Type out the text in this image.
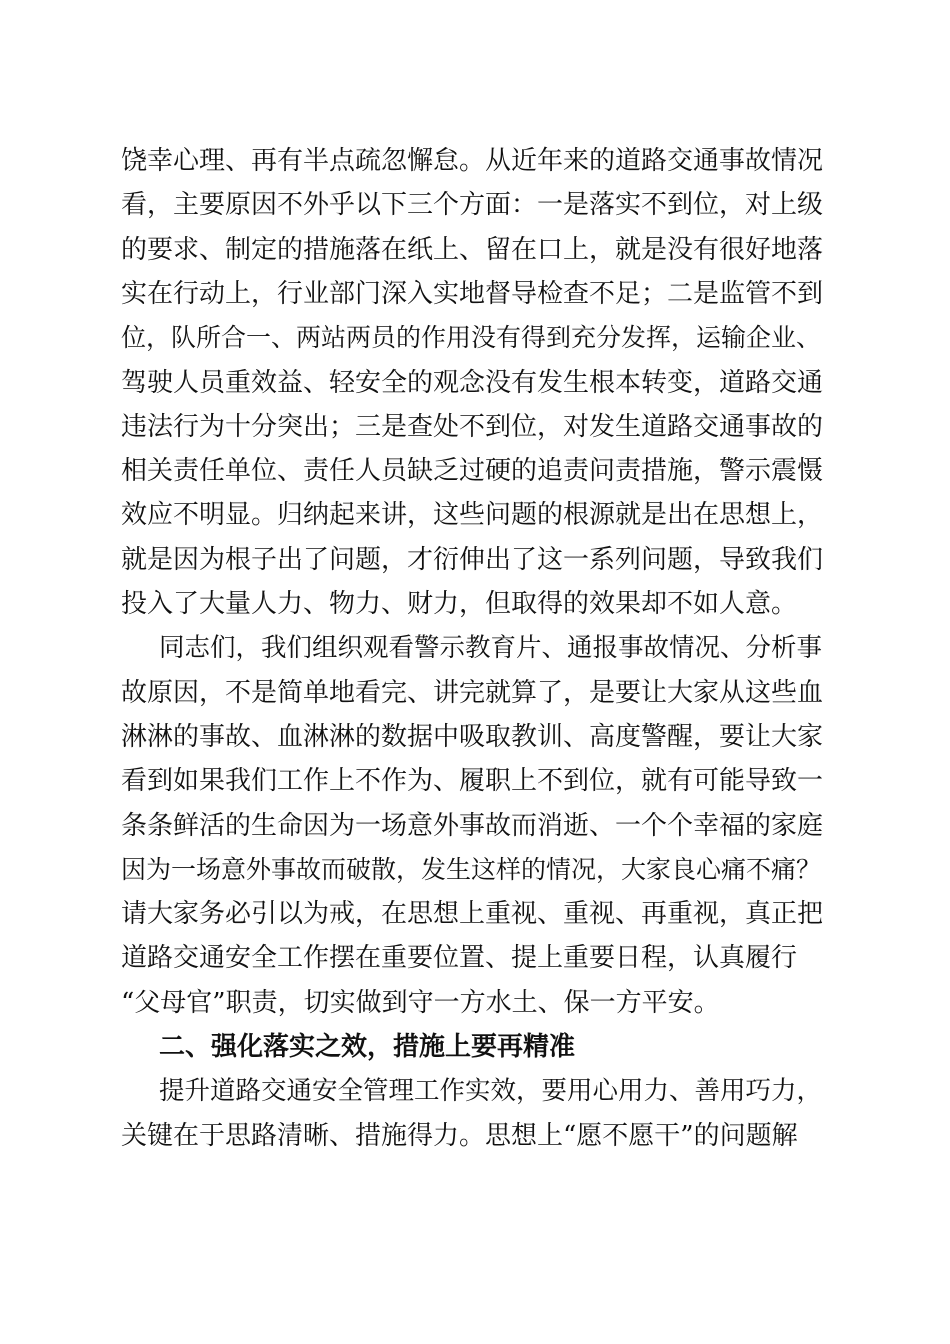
饶幸心理、再有半点疏忽懈怠。从近年来的道路交通事故情况
看，主要原因不外乎以下三个方面：一是落实不到位，对上级
的要求、制定的措施落在纸上、留在口上，就是没有很好地落
实在行动上，行业部门深入实地督导检查不足；二是监管不到
位，队所合一、两站两员的作用没有得到充分发挥，运输企业、
驾驶人员重效益、轻安全的观念没有发生根本转变，道路交通
违法行为十分突出；三是查处不到位，对发生道路交通事故的
相关责任单位、责任人员缺乏过硬的追责问责措施，警示震慑
效应不明显。归纳起来讲，这些问题的根源就是出在思想上，
就是因为根子出了问题，才衍伸出了这一系列问题，导致我们
投入了大量人力、物力、财力，但取得的效果却不如人意。
同志们，我们组织观看警示教育片、通报事故情况、分析事
故原因，不是简单地看完、讲完就算了，是要让大家从这些血
淋淋的事故、血淋淋的数据中吸取教训、高度警醒，要让大家
看到如果我们工作上不作为、履职上不到位，就有可能导致一
条条鲜活的生命因为一场意外事故而消逝、一个个幸福的家庭
因为一场意外事故而破散，发生这样的情况，大家良心痛不痛？
请大家务必引以为戒，在思想上重视、重视、再重视，真正把
道路交通安全工作摆在重要位置、提上重要日程，认真履行
“父母官”职责，切实做到守一方水土、保一方平安。
二、强化落实之效，措施上要再精准
提升道路交通安全管理工作实效，要用心用力、善用巧力，
关键在于思路清晰、措施得力。思想上“愿不愿干”的问题解
